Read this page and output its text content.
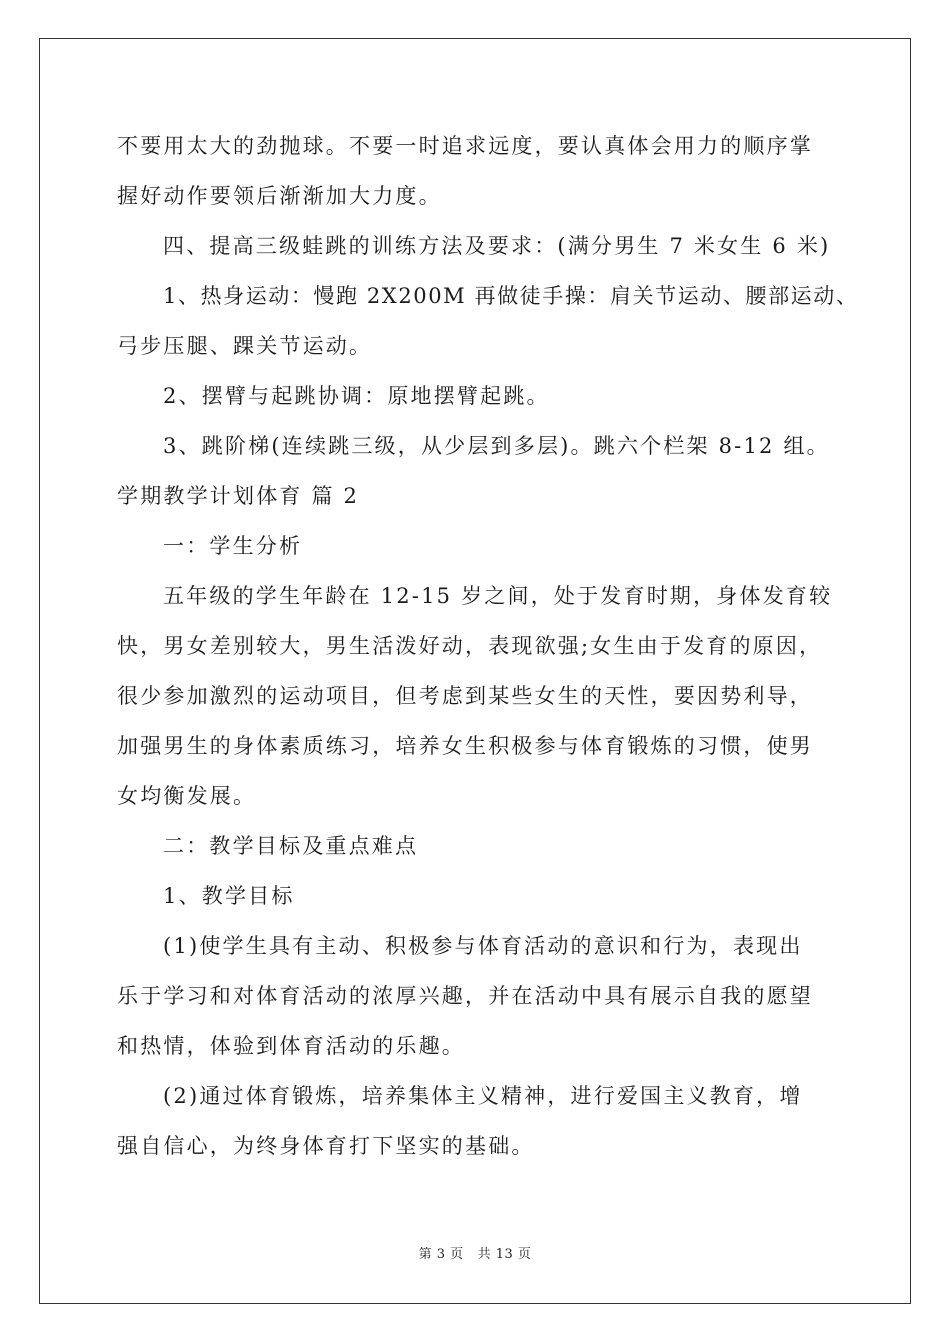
不要用太大的劲抛球。不要一时追求远度，要认真体会用力的顺序掌
握好动作要领后渐渐加大力度。
四、提高三级蛙跳的训练方法及要求：(满分男生 7 米女生 6 米)
1、热身运动：慢跑 2X200M 再做徒手操：肩关节运动、腰部运动、
弓步压腿、踝关节运动。
2、摆臂与起跳协调：原地摆臂起跳。
3、跳阶梯(连续跳三级，从少层到多层)。跳六个栏架 8-12 组。
学期教学计划体育 篇 2
一：学生分析
五年级的学生年龄在 12-15 岁之间，处于发育时期，身体发育较
快，男女差别较大，男生活泼好动，表现欲强;女生由于发育的原因，
很少参加激烈的运动项目，但考虑到某些女生的天性，要因势利导，
加强男生的身体素质练习，培养女生积极参与体育锻炼的习惯，使男
女均衡发展。
二：教学目标及重点难点
1、教学目标
(1)使学生具有主动、积极参与体育活动的意识和行为，表现出
乐于学习和对体育活动的浓厚兴趣，并在活动中具有展示自我的愿望
和热情，体验到体育活动的乐趣。
(2)通过体育锻炼，培养集体主义精神，进行爱国主义教育，增
强自信心，为终身体育打下坚实的基础。
第 3 页 共 13 页
